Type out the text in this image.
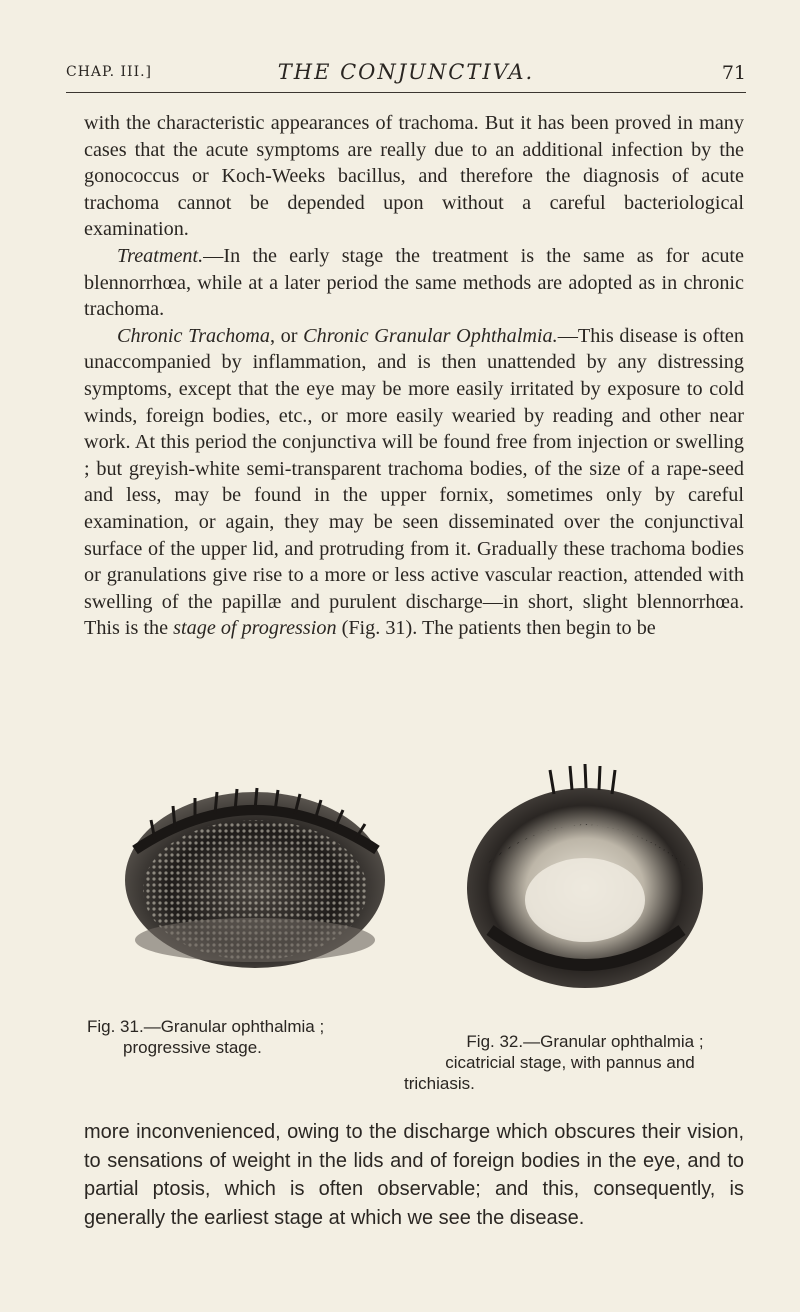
CHAP. III.]	THE CONJUNCTIVA.	71

with the characteristic appearances of trachoma. But it has been proved in many cases that the acute symptoms are really due to an additional infection by the gonococcus or Koch-Weeks bacillus, and therefore the diagnosis of acute trachoma cannot be depended upon without a careful bacteriological examination.

Treatment.—In the early stage the treatment is the same as for acute blennorrhœa, while at a later period the same methods are adopted as in chronic trachoma.

Chronic Trachoma, or Chronic Granular Ophthalmia.—This disease is often unaccompanied by inflammation, and is then unattended by any distressing symptoms, except that the eye may be more easily irritated by exposure to cold winds, foreign bodies, etc., or more easily wearied by reading and other near work. At this period the conjunctiva will be found free from injection or swelling ; but greyish-white semi-transparent trachoma bodies, of the size of a rape-seed and less, may be found in the upper fornix, sometimes only by careful examination, or again, they may be seen disseminated over the conjunctival surface of the upper lid, and protruding from it. Gradually these trachoma bodies or granulations give rise to a more or less active vascular reaction, attended with swelling of the papillæ and purulent discharge—in short, slight blennorrhœa. This is the stage of progression (Fig. 31). The patients then begin to be

Fig. 31.—Granular ophthalmia ;
progressive stage.	Fig. 32.—Granular ophthalmia ;
cicatricial stage, with pannus and
trichiasis.

more inconvenienced, owing to the discharge which obscures their vision, to sensations of weight in the lids and of foreign bodies in the eye, and to partial ptosis, which is often observable; and this, consequently, is generally the earliest stage at which we see the disease.
